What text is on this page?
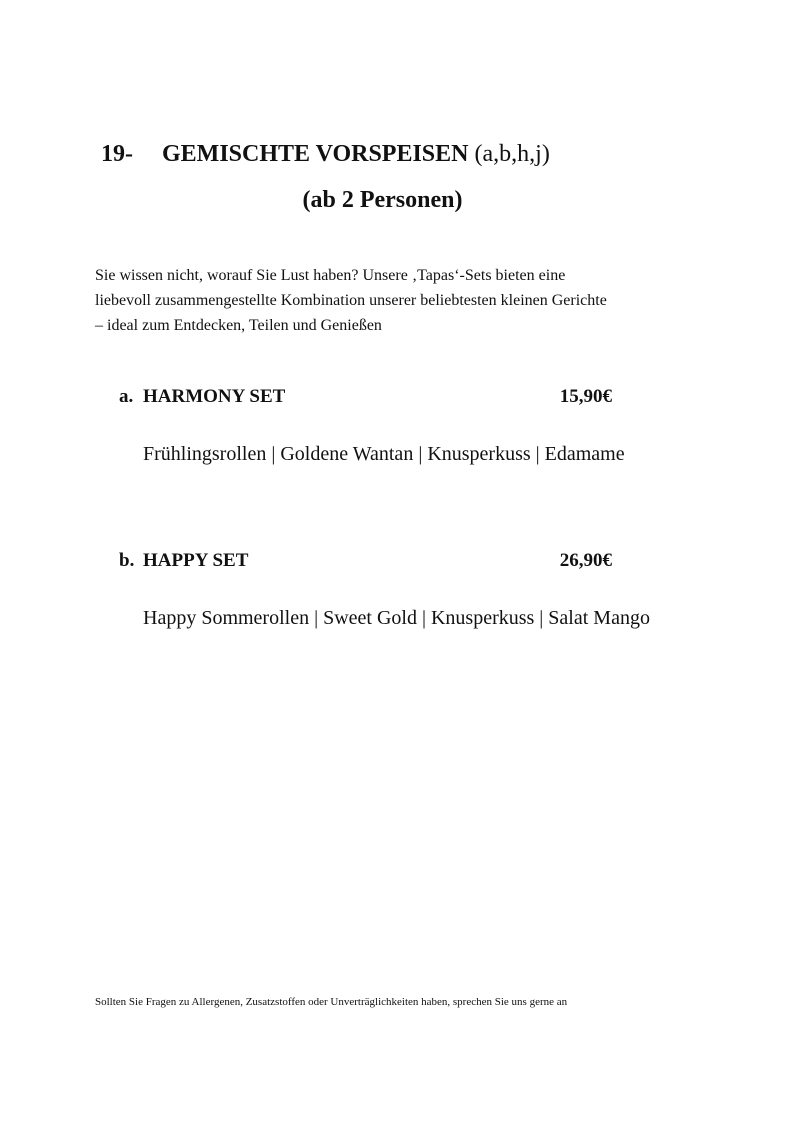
19- GEMISCHTE VORSPEISEN (a,b,h,j)
(ab 2 Personen)
Sie wissen nicht, worauf Sie Lust haben? Unsere ‚Tapas‘-Sets bieten eine
liebevoll zusammengestellte Kombination unserer beliebtesten kleinen Gerichte
– ideal zum Entdecken, Teilen und Genießen
a. HARMONY SET	15,90€
Frühlingsrollen | Goldene Wantan | Knusperkuss | Edamame
b. HAPPY SET	26,90€
Happy Sommerollen | Sweet Gold | Knusperkuss | Salat Mango
Sollten Sie Fragen zu Allergenen, Zusatzstoffen oder Unverträglichkeiten haben, sprechen Sie uns gerne an
